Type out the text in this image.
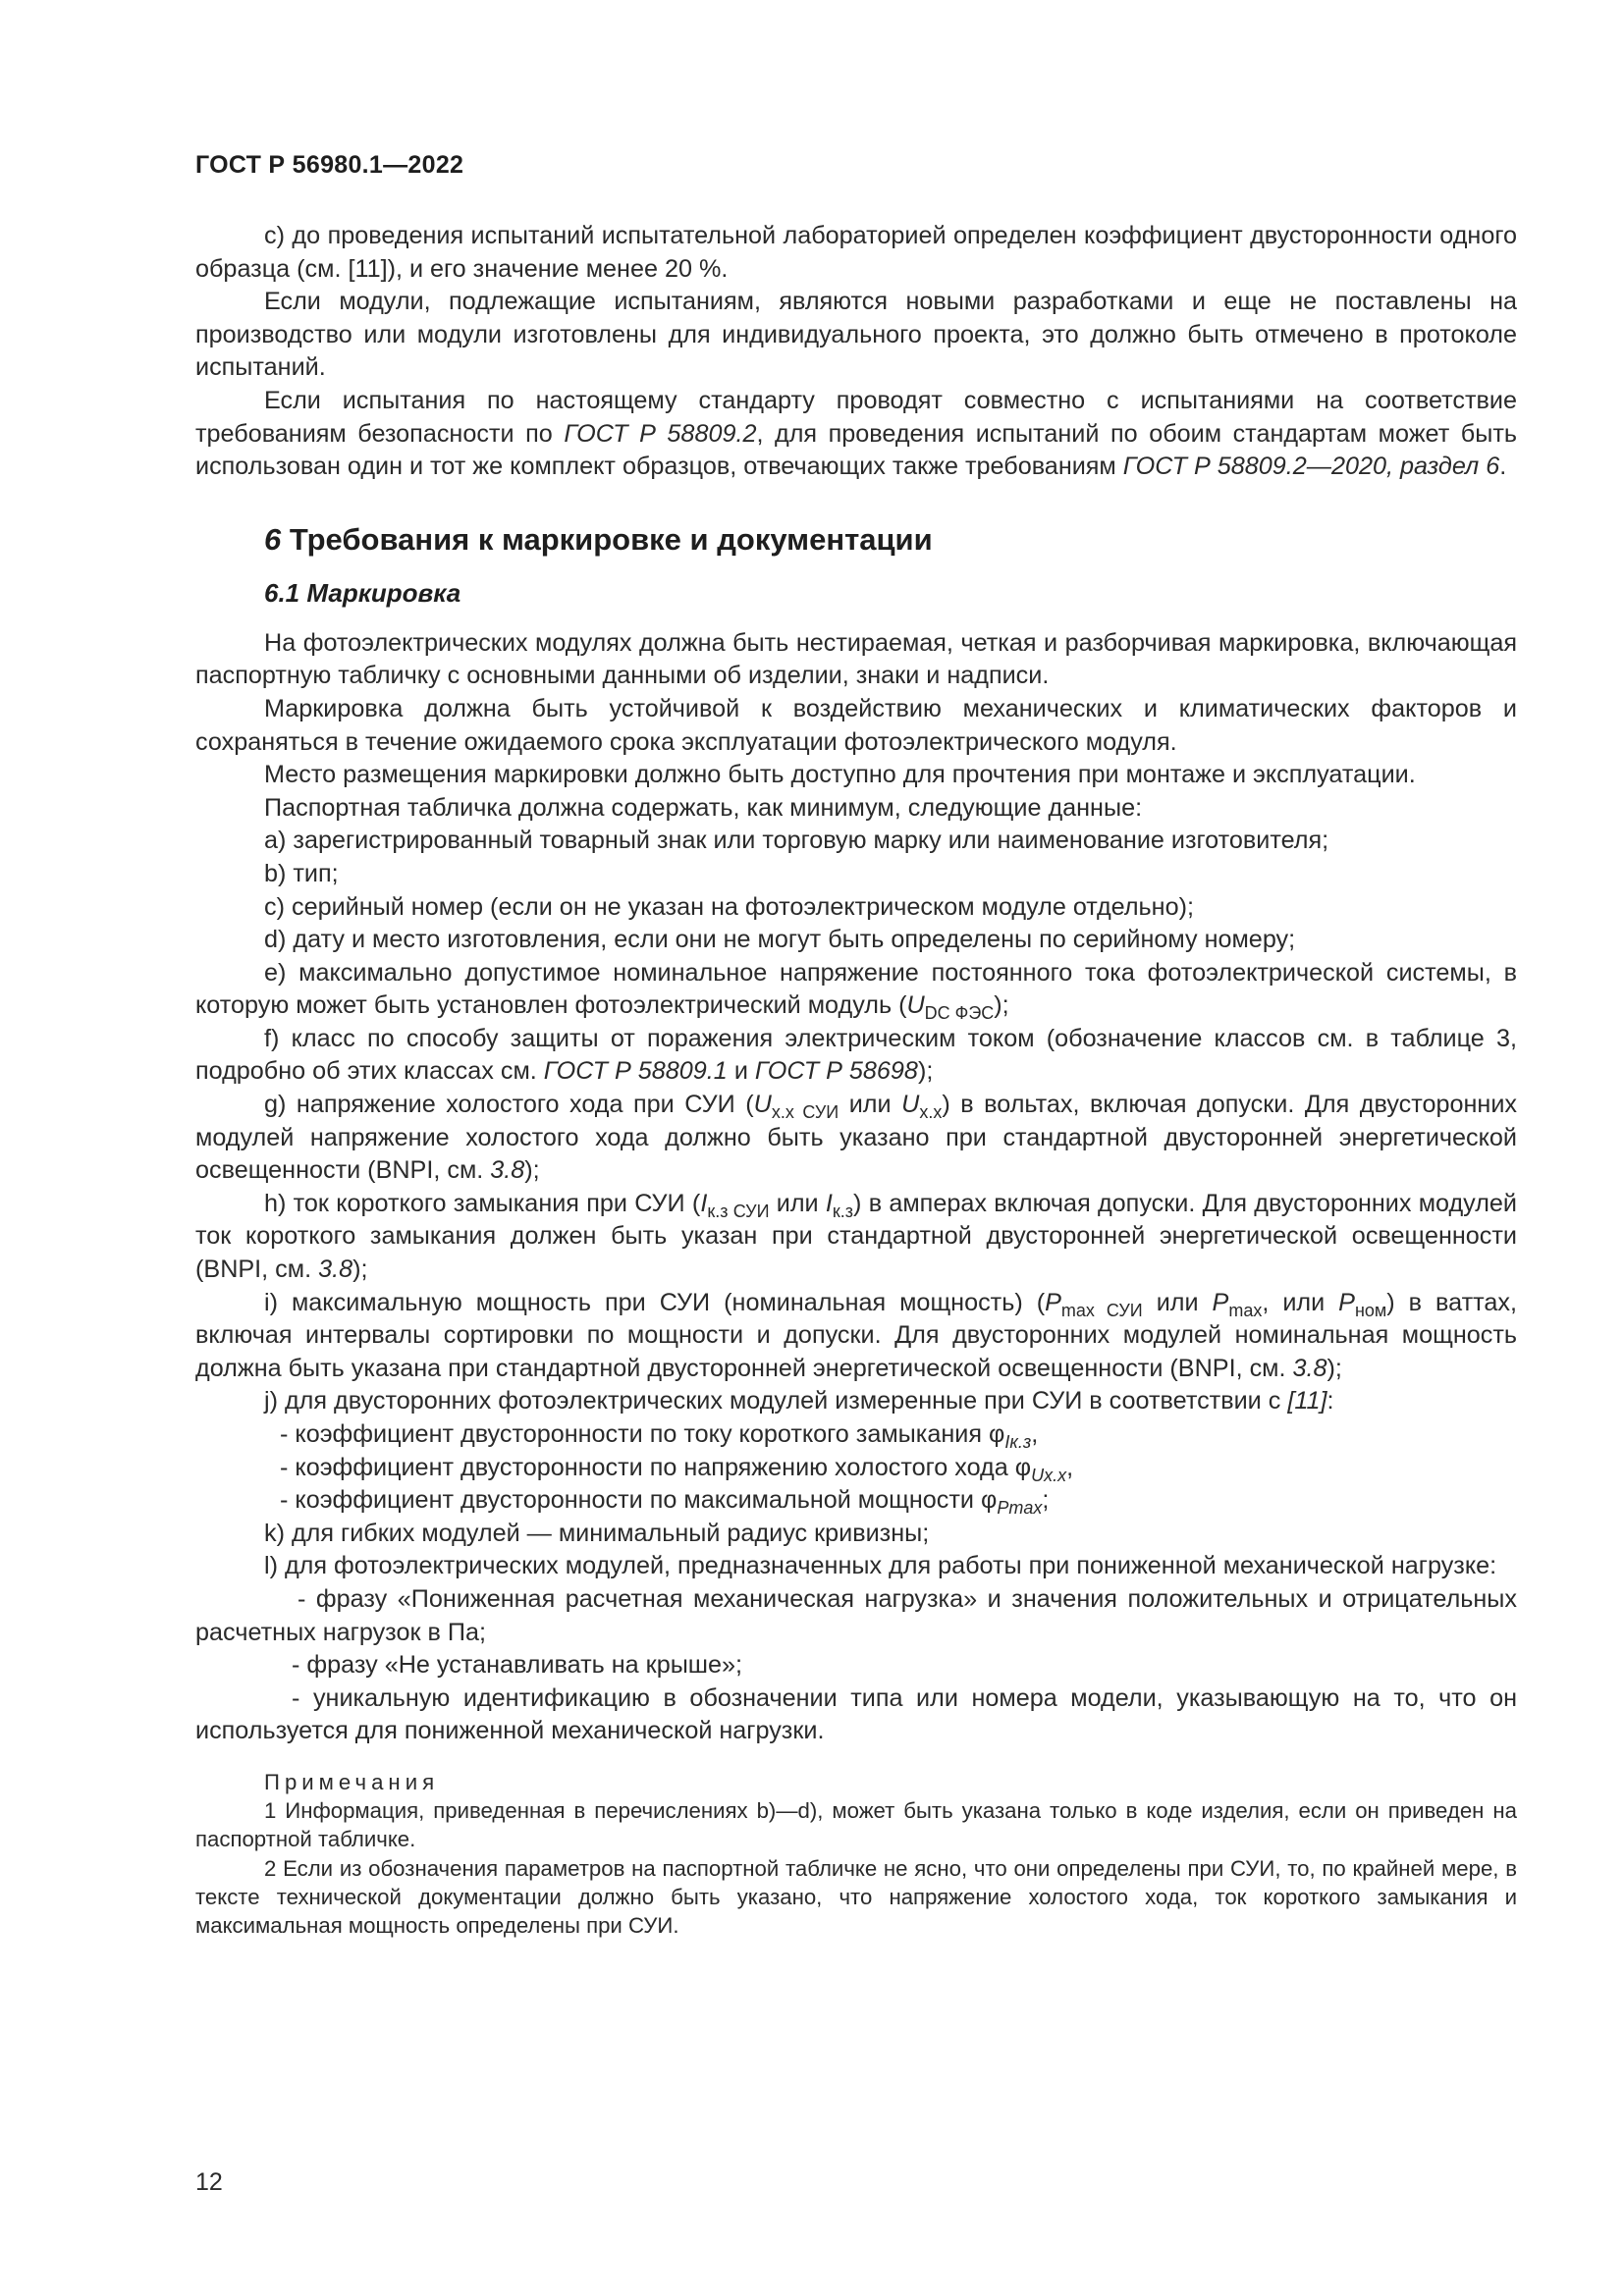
ГОСТ Р 56980.1—2022

c) до проведения испытаний испытательной лабораторией определен коэффициент двусторонности одного образца (см. [11]), и его значение менее 20 %.

Если модули, подлежащие испытаниям, являются новыми разработками и еще не поставлены на производство или модули изготовлены для индивидуального проекта, это должно быть отмечено в протоколе испытаний.

Если испытания по настоящему стандарту проводят совместно с испытаниями на соответствие требованиям безопасности по ГОСТ Р 58809.2, для проведения испытаний по обоим стандартам может быть использован один и тот же комплект образцов, отвечающих также требованиям ГОСТ Р 58809.2—2020, раздел 6.

6 Требования к маркировке и документации
6.1 Маркировка

На фотоэлектрических модулях должна быть нестираемая, четкая и разборчивая маркировка, включающая паспортную табличку с основными данными об изделии, знаки и надписи.

Маркировка должна быть устойчивой к воздействию механических и климатических факторов и сохраняться в течение ожидаемого срока эксплуатации фотоэлектрического модуля.

Место размещения маркировки должно быть доступно для прочтения при монтаже и эксплуатации.

Паспортная табличка должна содержать, как минимум, следующие данные:

a) зарегистрированный товарный знак или торговую марку или наименование изготовителя;

b) тип;

c) серийный номер (если он не указан на фотоэлектрическом модуле отдельно);

d) дату и место изготовления, если они не могут быть определены по серийному номеру;

e) максимально допустимое номинальное напряжение постоянного тока фотоэлектрической системы, в которую может быть установлен фотоэлектрический модуль $(U_{DC ФЭС})$;

f) класс по способу защиты от поражения электрическим током (обозначение классов см. в таблице 3, подробно об этих классах см. ГОСТ Р 58809.1 и ГОСТ Р 58698);

g) напряжение холостого хода при СУИ ($U_{х.х СУИ}$ или $U_{х.х}$) в вольтах, включая допуски. Для двусторонних модулей напряжение холостого хода должно быть указано при стандартной двусторонней энергетической освещенности (BNPI, см. 3.8);

h) ток короткого замыкания при СУИ ($I_{к.з СУИ}$ или $I_{к.з}$) в амперах включая допуски. Для двусторонних модулей ток короткого замыкания должен быть указан при стандартной двусторонней энергетической освещенности (BNPI, см. 3.8);

i) максимальную мощность при СУИ (номинальная мощность) ($P_{max СУИ}$ или $P_{max}$, или $P_{ном}$) в ваттах, включая интервалы сортировки по мощности и допуски. Для двусторонних модулей номинальная мощность должна быть указана при стандартной двусторонней энергетической освещенности (BNPI, см. 3.8);

j) для двусторонних фотоэлектрических модулей измеренные при СУИ в соответствии с [11]:

- коэффициент двусторонности по току короткого замыкания $\varphi_{Iк.з}$,

- коэффициент двусторонности по напряжению холостого хода $\varphi_{Uх.х}$,

- коэффициент двусторонности по максимальной мощности $\varphi_{Pmax}$;

k) для гибких модулей — минимальный радиус кривизны;

l) для фотоэлектрических модулей, предназначенных для работы при пониженной механической нагрузке:

- фразу «Пониженная расчетная механическая нагрузка» и значения положительных и отрицательных расчетных нагрузок в Па;

- фразу «Не устанавливать на крыше»;

- уникальную идентификацию в обозначении типа или номера модели, указывающую на то, что он используется для пониженной механической нагрузки.

Примечания

1 Информация, приведенная в перечислениях b)—d), может быть указана только в коде изделия, если он приведен на паспортной табличке.

2 Если из обозначения параметров на паспортной табличке не ясно, что они определены при СУИ, то, по крайней мере, в тексте технической документации должно быть указано, что напряжение холостого хода, ток короткого замыкания и максимальная мощность определены при СУИ.

12
